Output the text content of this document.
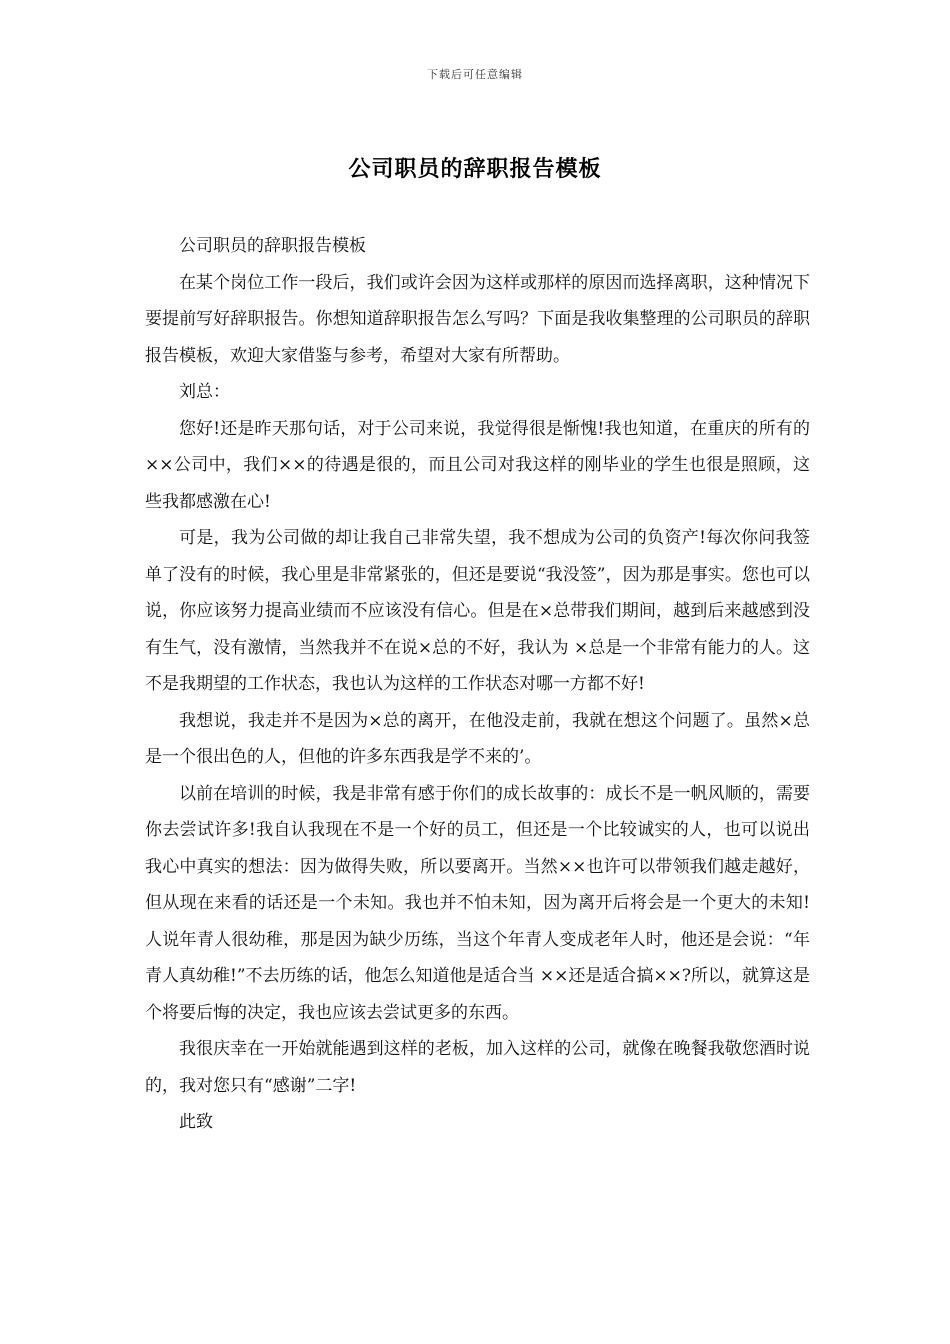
下载后可任意编辑
公司职员的辞职报告模板

公司职员的辞职报告模板

在某个岗位工作一段后，我们或许会因为这样或那样的原因而选择离职，这种情况下要提前写好辞职报告。你想知道辞职报告怎么写吗？下面是我收集整理的公司职员的辞职报告模板，欢迎大家借鉴与参考，希望对大家有所帮助。

刘总：

您好!还是昨天那句话，对于公司来说，我觉得很是惭愧!我也知道，在重庆的所有的××公司中，我们××的待遇是很的，而且公司对我这样的刚毕业的学生也很是照顾，这些我都感激在心!

可是，我为公司做的却让我自己非常失望，我不想成为公司的负资产!每次你问我签单了没有的时候，我心里是非常紧张的，但还是要说“我没签”，因为那是事实。您也可以说，你应该努力提高业绩而不应该没有信心。但是在×总带我们期间，越到后来越感到没有生气，没有激情，当然我并不在说×总的不好，我认为 ×总是一个非常有能力的人。这不是我期望的工作状态，我也认为这样的工作状态对哪一方都不好!

我想说，我走并不是因为×总的离开，在他没走前，我就在想这个问题了。虽然×总是一个很出色的人，但他的许多东西我是学不来的’。

以前在培训的时候，我是非常有感于你们的成长故事的：成长不是一帆风顺的，需要你去尝试许多!我自认我现在不是一个好的员工，但还是一个比较诚实的人，也可以说出我心中真实的想法：因为做得失败，所以要离开。当然××也许可以带领我们越走越好，但从现在来看的话还是一个未知。我也并不怕未知，因为离开后将会是一个更大的未知!人说年青人很幼稚，那是因为缺少历练，当这个年青人变成老年人时，他还是会说：“年青人真幼稚!”不去历练的话，他怎么知道他是适合当 ××还是适合搞××?所以，就算这是个将要后悔的决定，我也应该去尝试更多的东西。

我很庆幸在一开始就能遇到这样的老板，加入这样的公司，就像在晚餐我敬您酒时说的，我对您只有“感谢”二字!

此致
